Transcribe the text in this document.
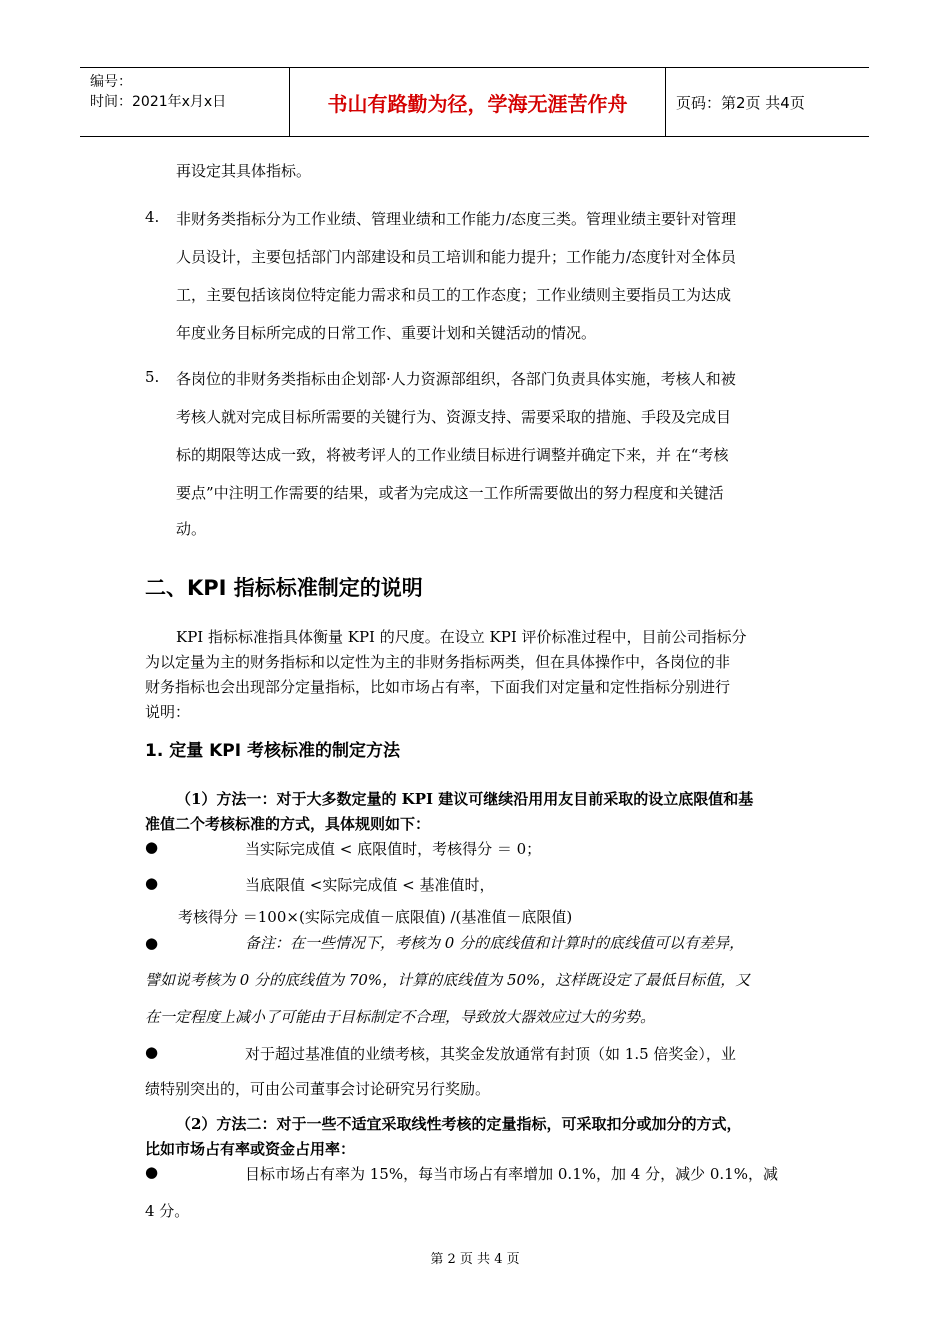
编号：
时间：2021年x月x日	书山有路勤为径，学海无涯苦作舟	页码：第2页 共4页
再设定其具体指标。
4. 非财务类指标分为工作业绩、管理业绩和工作能力/态度三类。管理业绩主要针对管理
人员设计，主要包括部门内部建设和员工培训和能力提升；工作能力/态度针对全体员
工，主要包括该岗位特定能力需求和员工的工作态度；工作业绩则主要指员工为达成
年度业务目标所完成的日常工作、重要计划和关键活动的情况。
5. 各岗位的非财务类指标由企划部·人力资源部组织，各部门负责具体实施，考核人和被
考核人就对完成目标所需要的关键行为、资源支持、需要采取的措施、手段及完成目
标的期限等达成一致，将被考评人的工作业绩目标进行调整并确定下来，并 在“考核
要点”中注明工作需要的结果，或者为完成这一工作所需要做出的努力程度和关键活
动。
二、KPI 指标标准制定的说明
KPI 指标标准指具体衡量 KPI 的尺度。在设立 KPI 评价标准过程中，目前公司指标分
为以定量为主的财务指标和以定性为主的非财务指标两类，但在具体操作中，各岗位的非
财务指标也会出现部分定量指标，比如市场占有率，下面我们对定量和定性指标分别进行
说明：
1. 定量 KPI 考核标准的制定方法
（1）方法一：对于大多数定量的 KPI 建议可继续沿用用友目前采取的设立底限值和基
准值二个考核标准的方式，具体规则如下：
●	当实际完成值 < 底限值时，考核得分 ＝ 0；
●	当底限值 <实际完成值 < 基准值时，
考核得分 ＝100×(实际完成值－底限值) /(基准值－底限值)
●	备注：在一些情况下，考核为 0 分的底线值和计算时的底线值可以有差异，
譬如说考核为 0 分的底线值为 70%，计算的底线值为 50%，这样既设定了最低目标值，又
在一定程度上减小了可能由于目标制定不合理，导致放大器效应过大的劣势。
●	对于超过基准值的业绩考核，其奖金发放通常有封顶（如 1.5 倍奖金），业
绩特别突出的，可由公司董事会讨论研究另行奖励。
（2）方法二：对于一些不适宜采取线性考核的定量指标，可采取扣分或加分的方式，
比如市场占有率或资金占用率：
●	目标市场占有率为 15%，每当市场占有率增加 0.1%，加 4 分，减少 0.1%，减
4 分。
第 2 页 共 4 页
